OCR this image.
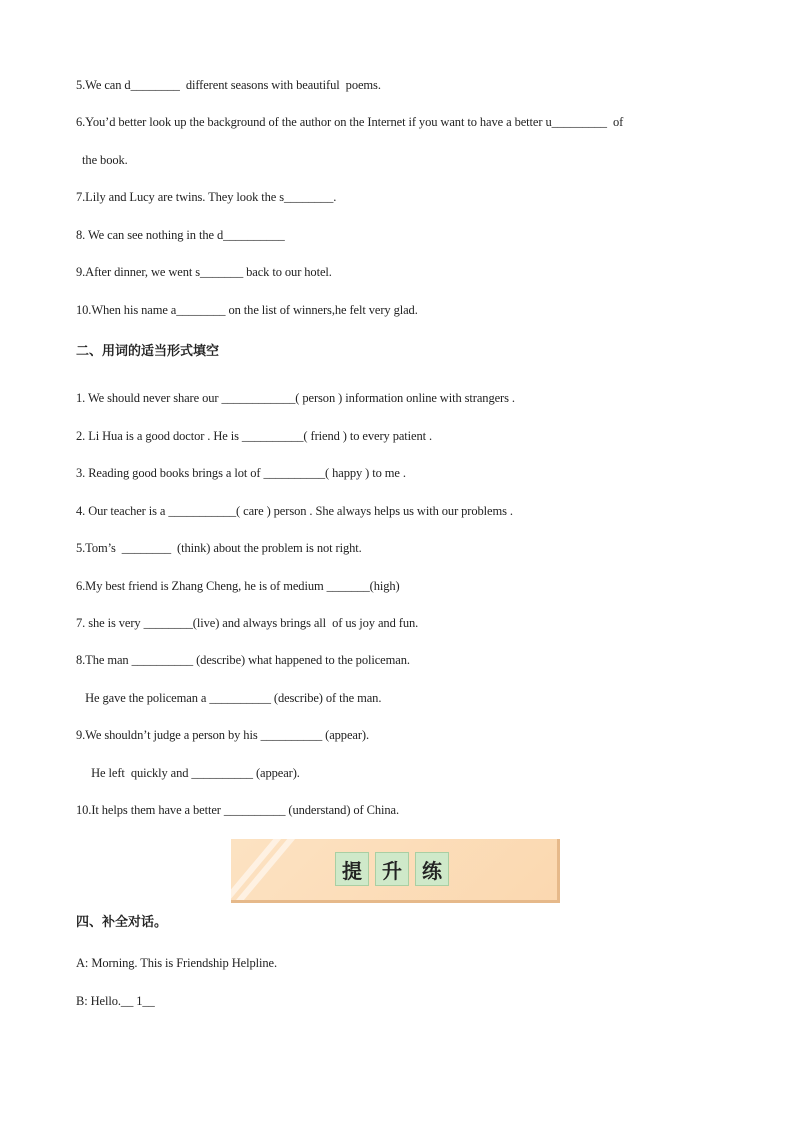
5.We can d________  different seasons with beautiful  poems.
6.You’d better look up the background of the author on the Internet if you want to have a better u_________  of
the book.
7.Lily and Lucy are twins. They look the s________.
8. We can see nothing in the d__________
9.After dinner, we went s_______ back to our hotel.
10.When his name a________ on the list of winners,he felt very glad.
二、用词的适当形式填空
1. We should never share our ____________( person ) information online with strangers .
2. Li Hua is a good doctor . He is __________( friend ) to every patient .
3. Reading good books brings a lot of __________( happy ) to me .
4. Our teacher is a ___________( care ) person . She always helps us with our problems .
5.Tom’s  ________  (think) about the problem is not right.
6.My best friend is Zhang Cheng, he is of medium _______(high)
7. she is very ________(live) and always brings all  of us joy and fun.
8.The man __________ (describe) what happened to the policeman.
He gave the policeman a __________ (describe) of the man.
9.We shouldn’t judge a person by his __________ (appear).
He left  quickly and __________ (appear).
10.It helps them have a better __________ (understand) of China.
提	升	练
四、补全对话。
A: Morning. This is Friendship Helpline.
B: Hello.__ 1__
